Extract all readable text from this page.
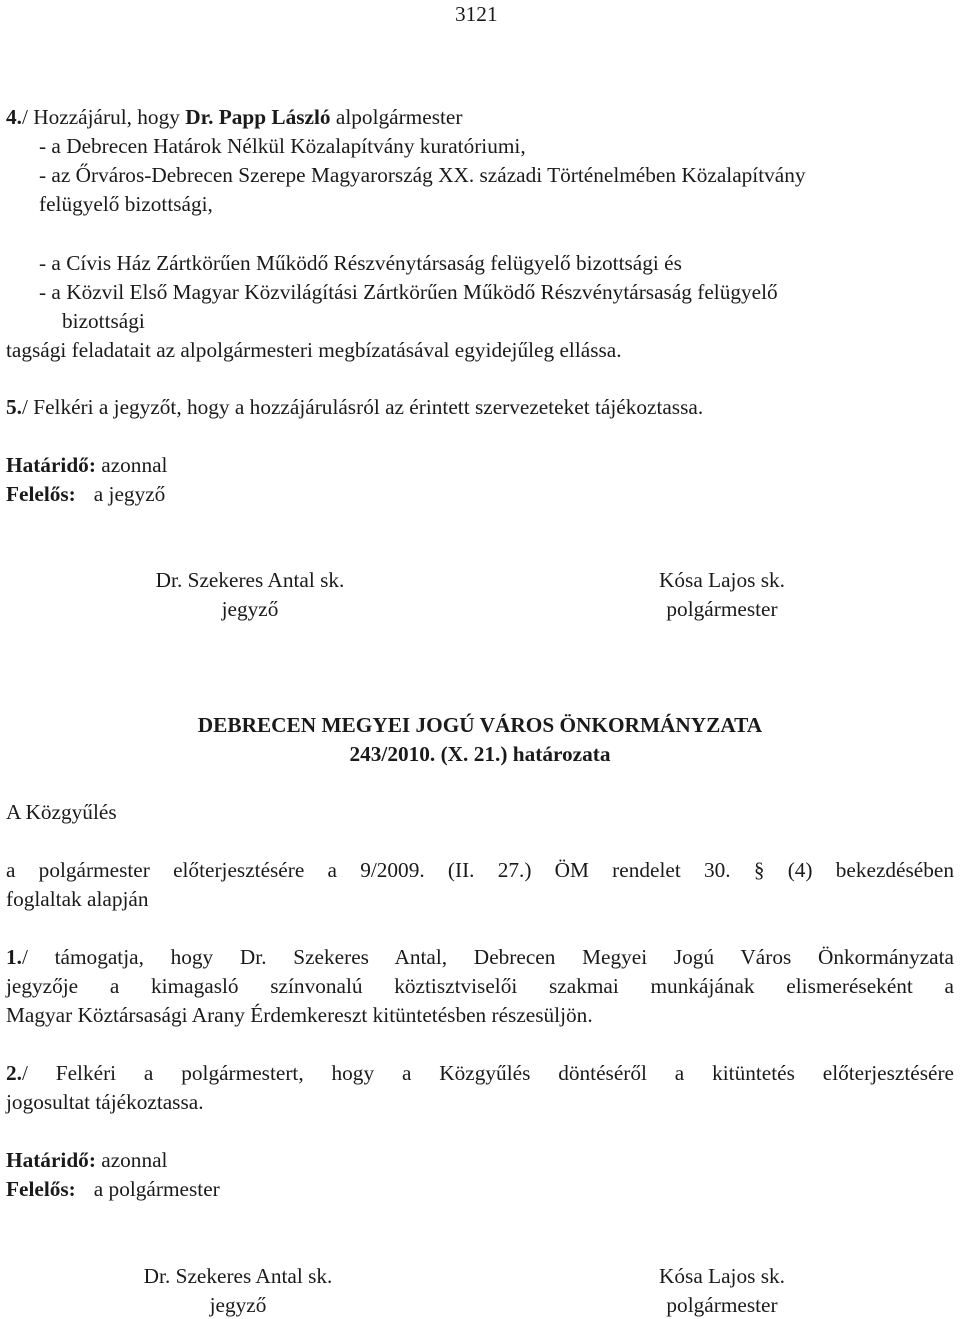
3121
4./ Hozzájárul, hogy Dr. Papp László alpolgármester
- a Debrecen Határok Nélkül Közalapítvány kuratóriumi,
- az Őrváros-Debrecen Szerepe Magyarország XX. századi Történelmében Közalapítvány
felügyelő bizottsági,
- a Cívis Ház Zártkörűen Működő Részvénytársaság felügyelő bizottsági és
- a Közvil Első Magyar Közvilágítási Zártkörűen Működő Részvénytársaság felügyelő
bizottsági
tagsági feladatait az alpolgármesteri megbízatásával egyidejűleg ellássa.
5./ Felkéri a jegyzőt, hogy a hozzájárulásról az érintett szervezeteket tájékoztassa.
Határidő: azonnal
Felelős: a jegyző
Dr. Szekeres Antal sk.
jegyző
Kósa Lajos sk.
polgármester
DEBRECEN MEGYEI JOGÚ VÁROS ÖNKORMÁNYZATA
243/2010. (X. 21.) határozata
A Közgyűlés
a polgármester előterjesztésére a 9/2009. (II. 27.) ÖM rendelet 30. § (4) bekezdésében
foglaltak alapján
1./ támogatja, hogy Dr. Szekeres Antal, Debrecen Megyei Jogú Város Önkormányzata
jegyzője a kimagasló színvonalú köztisztviselői szakmai munkájának elismeréseként a
Magyar Köztársasági Arany Érdemkereszt kitüntetésben részesüljön.
2./ Felkéri a polgármestert, hogy a Közgyűlés döntéséről a kitüntetés előterjesztésére
jogosultat tájékoztassa.
Határidő: azonnal
Felelős: a polgármester
Dr. Szekeres Antal sk.
jegyző
Kósa Lajos sk.
polgármester
